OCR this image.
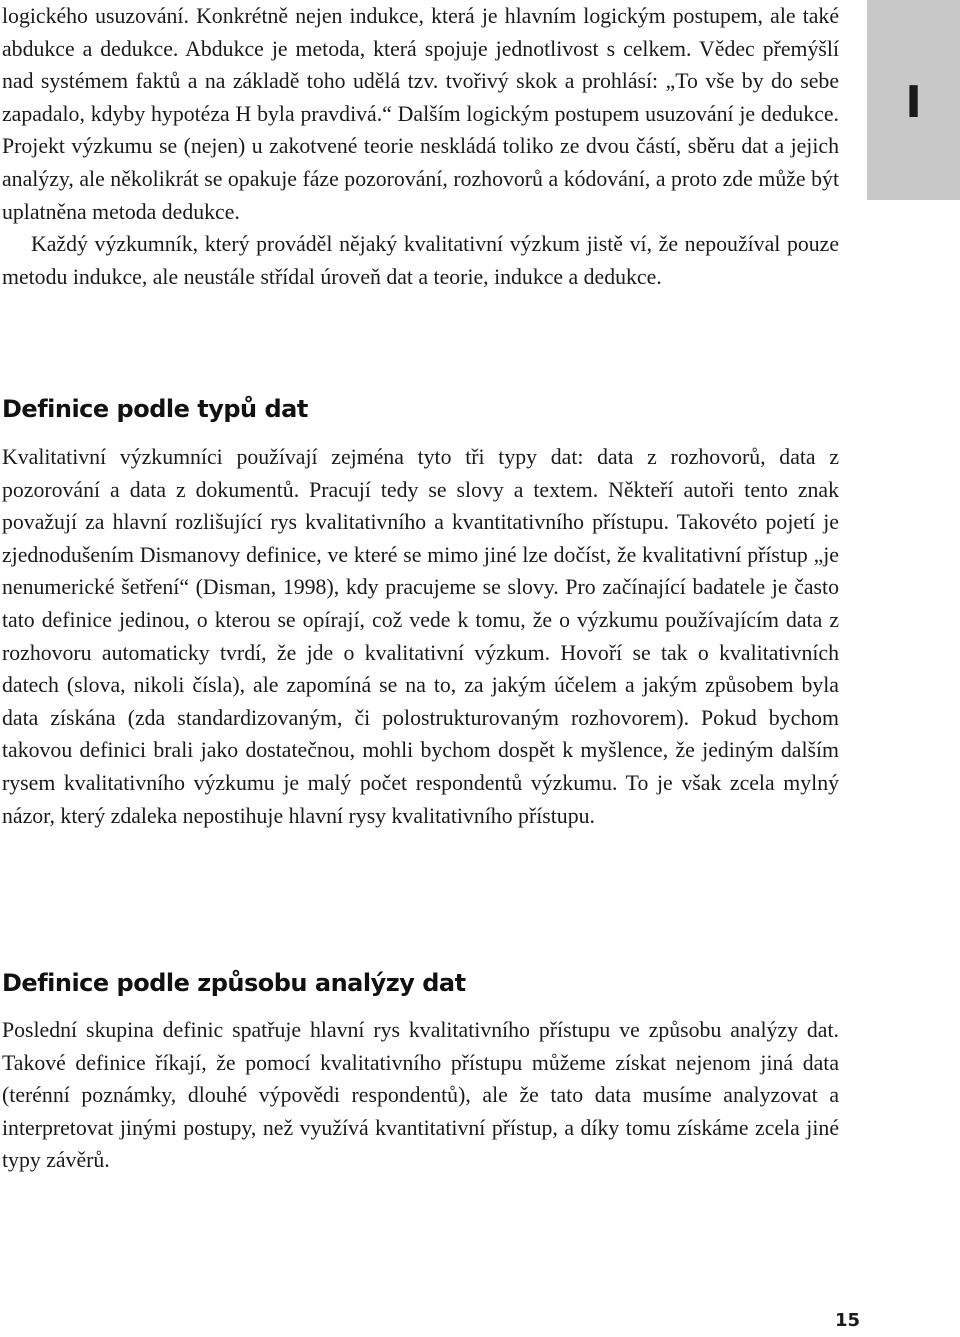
I

logického usuzování. Konkrétně nejen indukce, která je hlavním logickým postupem, ale také abdukce a dedukce. Abdukce je metoda, která spojuje jednotlivost s celkem. Vědec přemýšlí nad systémem faktů a na základě toho udělá tzv. tvořivý skok a prohlásí: „To vše by do sebe zapadalo, kdyby hypotéza H byla pravdivá.“ Dalším logickým postupem usuzování je dedukce. Projekt výzkumu se (nejen) u zakotvené teorie neskládá toliko ze dvou částí, sběru dat a jejich analýzy, ale několikrát se opakuje fáze pozorování, rozhovorů a kódování, a proto zde může být uplatněna metoda dedukce.

Každý výzkumník, který prováděl nějaký kvalitativní výzkum jistě ví, že nepoužíval pouze metodu indukce, ale neustále střídal úroveň dat a teorie, indukce a dedukce.

Definice podle typů dat

Kvalitativní výzkumníci používají zejména tyto tři typy dat: data z rozhovorů, data z pozorování a data z dokumentů. Pracují tedy se slovy a textem. Někteří autoři tento znak považují za hlavní rozlišující rys kvalitativního a kvantitativního přístupu. Takovéto pojetí je zjednodušením Dismanovy definice, ve které se mimo jiné lze dočíst, že kvalitativní přístup „je nenumerické šetření“ (Disman, 1998), kdy pracujeme se slovy. Pro začínající badatele je často tato definice jedinou, o kterou se opírají, což vede k tomu, že o výzkumu používajícím data z rozhovoru automaticky tvrdí, že jde o kvalitativní výzkum. Hovoří se tak o kvalitativních datech (slova, nikoli čísla), ale zapomíná se na to, za jakým účelem a jakým způsobem byla data získána (zda standardizovaným, či polostrukturovaným rozhovorem). Pokud bychom takovou definici brali jako dostatečnou, mohli bychom dospět k myšlence, že jediným dalším rysem kvalitativního výzkumu je malý počet respondentů výzkumu. To je však zcela mylný názor, který zdaleka nepostihuje hlavní rysy kvalitativního přístupu.

Definice podle způsobu analýzy dat

Poslední skupina definic spatřuje hlavní rys kvalitativního přístupu ve způsobu analýzy dat. Takové definice říkají, že pomocí kvalitativního přístupu můžeme získat nejenom jiná data (terénní poznámky, dlouhé výpovědi respondentů), ale že tato data musíme analyzovat a interpretovat jinými postupy, než využívá kvantitativní přístup, a díky tomu získáme zcela jiné typy závěrů.

15
